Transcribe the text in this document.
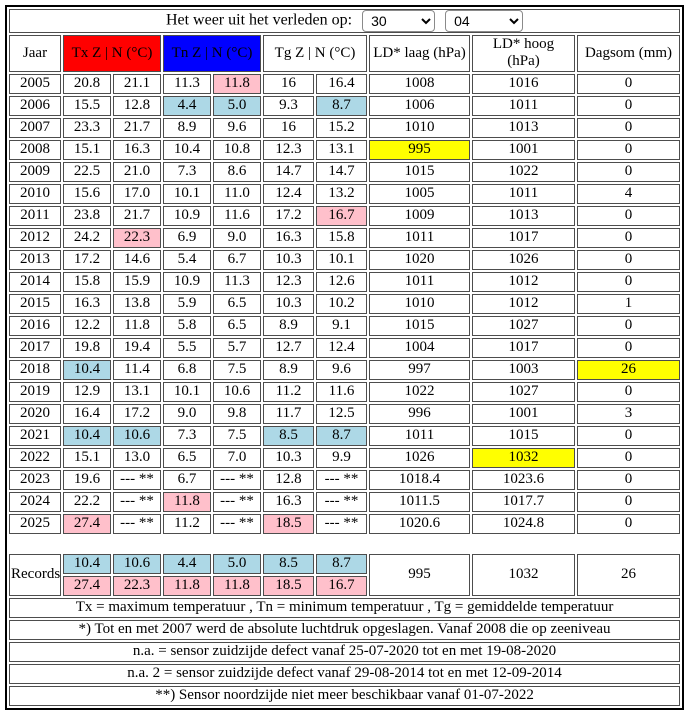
Het weer uit het verleden op:
30
04
Jaar	Tx Z | N (°C)		Tn Z | N (°C)		Tg Z | N (°C)		LD* laag (hPa)	LD* hoog (hPa)	Dagsom (mm)
2005	20.8	21.1	11.3	11.8	16	16.4	1008	1016	0
2006	15.5	12.8	4.4	5.0	9.3	8.7	1006	1011	0
2007	23.3	21.7	8.9	9.6	16	15.2	1010	1013	0
2008	15.1	16.3	10.4	10.8	12.3	13.1	995	1001	0
2009	22.5	21.0	7.3	8.6	14.7	14.7	1015	1022	0
2010	15.6	17.0	10.1	11.0	12.4	13.2	1005	1011	4
2011	23.8	21.7	10.9	11.6	17.2	16.7	1009	1013	0
2012	24.2	22.3	6.9	9.0	16.3	15.8	1011	1017	0
2013	17.2	14.6	5.4	6.7	10.3	10.1	1020	1026	0
2014	15.8	15.9	10.9	11.3	12.3	12.6	1011	1012	0
2015	16.3	13.8	5.9	6.5	10.3	10.2	1010	1012	1
2016	12.2	11.8	5.8	6.5	8.9	9.1	1015	1027	0
2017	19.8	19.4	5.5	5.7	12.7	12.4	1004	1017	0
2018	10.4	11.4	6.8	7.5	8.9	9.6	997	1003	26
2019	12.9	13.1	10.1	10.6	11.2	11.6	1022	1027	0
2020	16.4	17.2	9.0	9.8	11.7	12.5	996	1001	3
2021	10.4	10.6	7.3	7.5	8.5	8.7	1011	1015	0
2022	15.1	13.0	6.5	7.0	10.3	9.9	1026	1032	0
2023	19.6	--- **	6.7	--- **	12.8	--- **	1018.4	1023.6	0
2024	22.2	--- **	11.8	--- **	16.3	--- **	1011.5	1017.7	0
2025	27.4	--- **	11.2	--- **	18.5	--- **	1020.6	1024.8	0

Records	10.4	10.6	4.4	5.0	8.5	8.7	995	1032	26
	27.4	22.3	11.8	11.8	18.5	16.7			
Tx = maximum temperatuur , Tn = minimum temperatuur , Tg = gemiddelde temperatuur									
*) Tot en met 2007 werd de absolute luchtdruk opgeslagen. Vanaf 2008 die op zeeniveau									
n.a. = sensor zuidzijde defect vanaf 25-07-2020 tot en met 19-08-2020									
n.a. 2 = sensor zuidzijde defect vanaf 29-08-2014 tot en met 12-09-2014									
**) Sensor noordzijde niet meer beschikbaar vanaf 01-07-2022									
